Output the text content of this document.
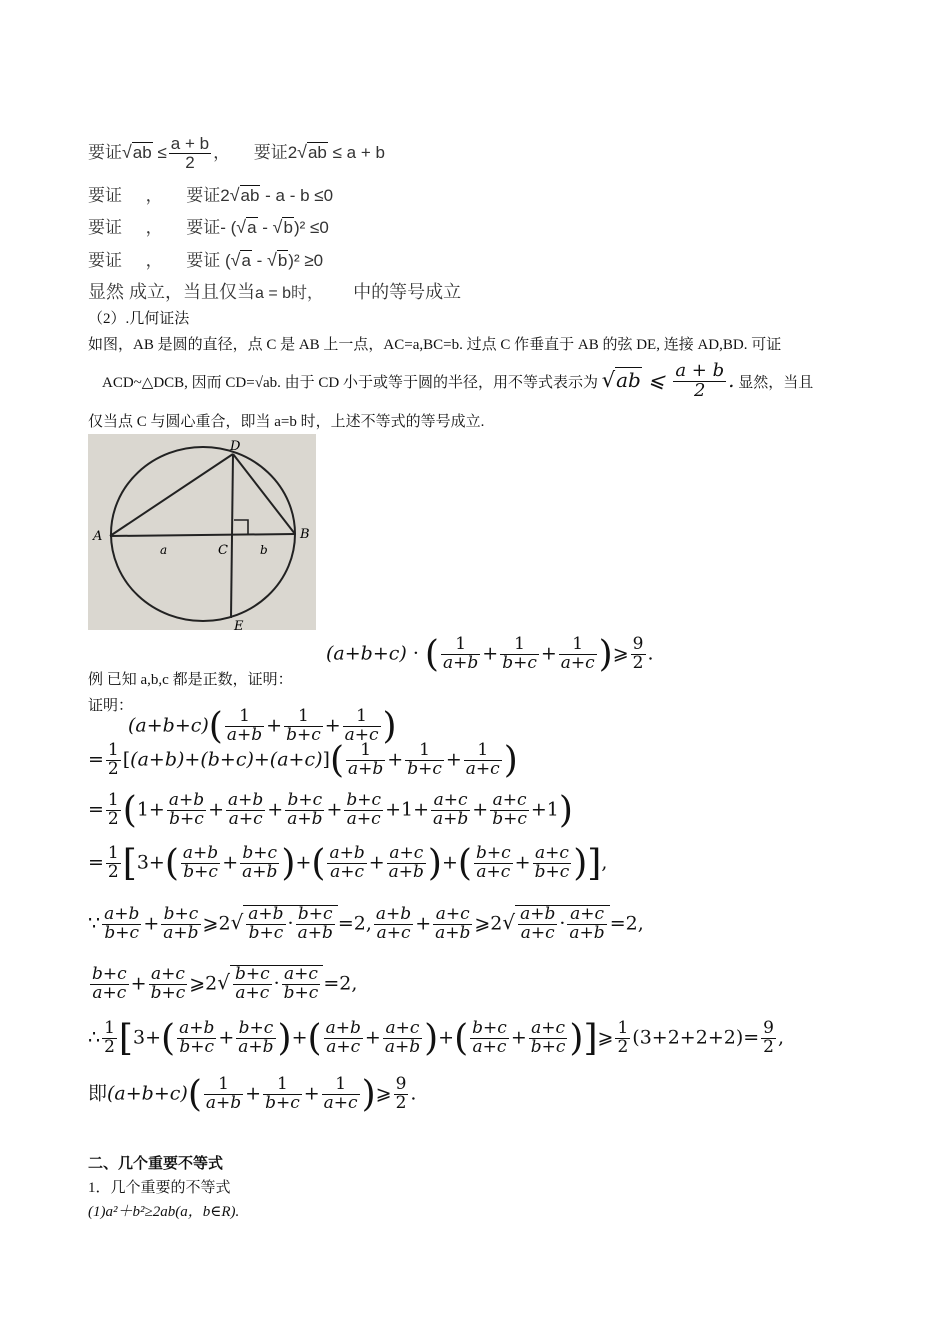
要证$√ab \le \frac{a + b}{2}$ ， 要证2√ab ≤ a + b
要证 ， 要证2√ab - a - b ≤0
要证 ， 要证- (√a - √b)² ≤0
要证 ， 要证 (√a - √b)² ≥0
显然 成立，当且仅当a = b时， 中的等号成立
（2）.几何证法
如图，AB 是圆的直径，点 C 是 AB 上一点，AC=a,BC=b. 过点 C 作垂直于 AB 的弦 DE, 连接 AD,BD. 可证
ACD~△DCB, 因而 CD=√ab. 由于 CD 小于或等于圆的半径，用不等式表示为 √ab ⩽ $\frac{a + b}{2}$ . 显然，当且
仅当点 C 与圆心重合，即当 a=b 时，上述不等式的等号成立.
D
A	B
C
E
a	b
例 已知 a,b,c 都是正数，证明：
(a+b+c) · ( $\frac{1}{a+b} + \frac{1}{b+c} + \frac{1}{a+c}$ )⩾ $\frac{9}{2}$ .
证明：
$(a+b+c)( \frac{1}{a+b} + \frac{1}{b+c} + \frac{1}{a+c}$ )
= $\frac{1}{2} [(a+b)+(b+c)+(a+c)]( \frac{1}{a+b} + \frac{1}{b+c} + \frac{1}{a+c}$ )
= $\frac{1}{2} (1+ \frac{a+b}{b+c} + \frac{a+b}{a+c} + \frac{b+c}{a+b} + \frac{b+c}{a+c} +1+ \frac{a+c}{a+b} + \frac{a+c}{b+c} +1)$
= $\frac{1}{2} [3+( \frac{a+b}{b+c} + \frac{b+c}{a+b}$ )+( $\frac{a+b}{a+c} + \frac{a+c}{a+b}$ )+( $\frac{b+c}{a+c} + \frac{a+c}{b+c}$ )],
∵ $\frac{a+b}{b+c} + \frac{b+c}{a+b}$ ⩾2√ $\frac{a+b}{b+c} \cdot \frac{b+c}{a+b} =2$, $\frac{a+b}{a+c} + \frac{a+c}{a+b}$ ⩾2√ $\frac{a+b}{a+c} \cdot \frac{a+c}{a+b} =2$,
$\frac{b+c}{a+c} + \frac{a+c}{b+c}$ ⩾2√ $\frac{b+c}{a+c} \cdot \frac{a+c}{b+c} =2$,
∴ $\frac{1}{2} [3+( \frac{a+b}{b+c} + \frac{b+c}{a+b}$ )+( $\frac{a+b}{a+c} + \frac{a+c}{a+b}$ )+( $\frac{b+c}{a+c} + \frac{a+c}{b+c}$ )]⩾ $\frac{1}{2} (3+2+2+2)= \frac{9}{2}$ ,
即$(a+b+c)( \frac{1}{a+b} + \frac{1}{b+c} + \frac{1}{a+c}$ )⩾ $\frac{9}{2}$ .
二、几个重要不等式
1．几个重要的不等式
(1)a²＋b²≥2ab(a，b∈R).
